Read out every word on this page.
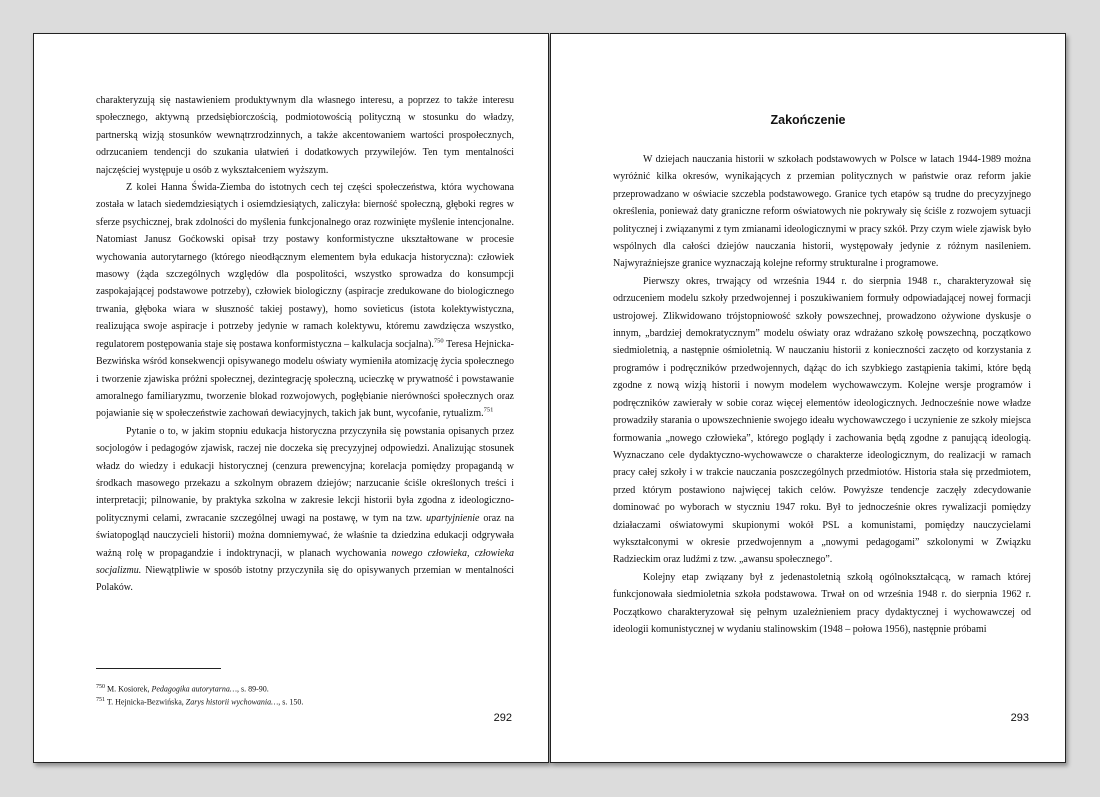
charakteryzują się nastawieniem produktywnym dla własnego interesu, a poprzez to także interesu społecznego, aktywną przedsiębiorczością, podmiotowością polityczną w stosunku do władzy, partnerską wizją stosunków wewnątrzrodzinnych, a także akcentowaniem wartości prospołecznych, odrzucaniem tendencji do szukania ułatwień i dodatkowych przywilejów. Ten tym mentalności najczęściej występuje u osób z wykształceniem wyższym.

Z kolei Hanna Świda-Ziemba do istotnych cech tej części społeczeństwa, która wychowana została w latach siedemdziesiątych i osiemdziesiątych, zaliczyła: bierność społeczną, głęboki regres w sferze psychicznej, brak zdolności do myślenia funkcjonalnego oraz rozwinięte myślenie intencjonalne. Natomiast Janusz Goćkowski opisał trzy postawy konformistyczne ukształtowane w procesie wychowania autorytarnego (którego nieodłącznym elementem była edukacja historyczna): człowiek masowy (żąda szczególnych względów dla pospolitości, wszystko sprowadza do konsumpcji zaspokajającej podstawowe potrzeby), człowiek biologiczny (aspiracje zredukowane do biologicznego trwania, głęboka wiara w słuszność takiej postawy), homo sovieticus (istota kolektywistyczna, realizująca swoje aspiracje i potrzeby jedynie w ramach kolektywu, któremu zawdzięcza wszystko, regulatorem postępowania staje się postawa konformistyczna – kalkulacja socjalna).$^{750}$ Teresa Hejnicka-Bezwińska wśród konsekwencji opisywanego modelu oświaty wymieniła atomizację życia społecznego i tworzenie zjawiska próżni społecznej, dezintegrację społeczną, ucieczkę w prywatność i powstawanie amoralnego familiaryzmu, tworzenie blokad rozwojowych, pogłębianie nierówności społecznych oraz pojawianie się w społeczeństwie zachowań dewiacyjnych, takich jak bunt, wycofanie, rytualizm.$^{751}$

Pytanie o to, w jakim stopniu edukacja historyczna przyczyniła się powstania opisanych przez socjologów i pedagogów zjawisk, raczej nie doczeka się precyzyjnej odpowiedzi. Analizując stosunek władz do wiedzy i edukacji historycznej (cenzura prewencyjna; korelacja pomiędzy propagandą w środkach masowego przekazu a szkolnym obrazem dziejów; narzucanie ściśle określonych treści i interpretacji; pilnowanie, by praktyka szkolna w zakresie lekcji historii była zgodna z ideologiczno-politycznymi celami, zwracanie szczególnej uwagi na postawę, w tym na tzw. upartyjnienie oraz na światopogląd nauczycieli historii) można domniemywać, że właśnie ta dziedzina edukacji odgrywała ważną rolę w propagandzie i indoktrynacji, w planach wychowania nowego człowieka, człowieka socjalizmu. Niewątpliwie w sposób istotny przyczyniła się do opisywanych przemian w mentalności Polaków.

$^{750}$ M. Kosiorek, Pedagogika autorytarna…, s. 89-90.
$^{751}$ T. Hejnicka-Bezwińska, Zarys historii wychowania…, s. 150.
292
Zakończenie

W dziejach nauczania historii w szkołach podstawowych w Polsce w latach 1944-1989 można wyróżnić kilka okresów, wynikających z przemian politycznych w państwie oraz reform jakie przeprowadzano w oświacie szczebla podstawowego. Granice tych etapów są trudne do precyzyjnego określenia, ponieważ daty graniczne reform oświatowych nie pokrywały się ściśle z rozwojem sytuacji politycznej i związanymi z tym zmianami ideologicznymi w pracy szkół. Przy czym wiele zjawisk było wspólnych dla całości dziejów nauczania historii, występowały jedynie z różnym nasileniem. Najwyraźniejsze granice wyznaczają kolejne reformy strukturalne i programowe.

Pierwszy okres, trwający od września 1944 r. do sierpnia 1948 r., charakteryzował się odrzuceniem modelu szkoły przedwojennej i poszukiwaniem formuły odpowiadającej nowej formacji ustrojowej. Zlikwidowano trójstopniowość szkoły powszechnej, prowadzono ożywione dyskusje o innym, „bardziej demokratycznym” modelu oświaty oraz wdrażano szkołę powszechną, początkowo siedmioletnią, a następnie ośmioletnią. W nauczaniu historii z konieczności zaczęto od korzystania z programów i podręczników przedwojennych, dążąc do ich szybkiego zastąpienia takimi, które będą zgodne z nową wizją historii i nowym modelem wychowawczym. Kolejne wersje programów i podręczników zawierały w sobie coraz więcej elementów ideologicznych. Jednocześnie nowe władze prowadziły starania o upowszechnienie swojego ideału wychowawczego i uczynienie ze szkoły miejsca formowania „nowego człowieka”, którego poglądy i zachowania będą zgodne z panującą ideologią. Wyznaczano cele dydaktyczno-wychowawcze o charakterze ideologicznym, do realizacji w ramach pracy całej szkoły i w trakcie nauczania poszczególnych przedmiotów. Historia stała się przedmiotem, przed którym postawiono najwięcej takich celów. Powyższe tendencje zaczęły zdecydowanie dominować po wyborach w styczniu 1947 roku. Był to jednocześnie okres rywalizacji pomiędzy działaczami oświatowymi skupionymi wokół PSL a komunistami, pomiędzy nauczycielami wykształconymi w okresie przedwojennym a „nowymi pedagogami” szkolonymi w Związku Radzieckim oraz ludźmi z tzw. „awansu społecznego”.

Kolejny etap związany był z jedenastoletnią szkołą ogólnokształcącą, w ramach której funkcjonowała siedmioletnia szkoła podstawowa. Trwał on od września 1948 r. do sierpnia 1962 r. Początkowo charakteryzował się pełnym uzależnieniem pracy dydaktycznej i wychowawczej od ideologii komunistycznej w wydaniu stalinowskim (1948 – połowa 1956), następnie próbami

293
